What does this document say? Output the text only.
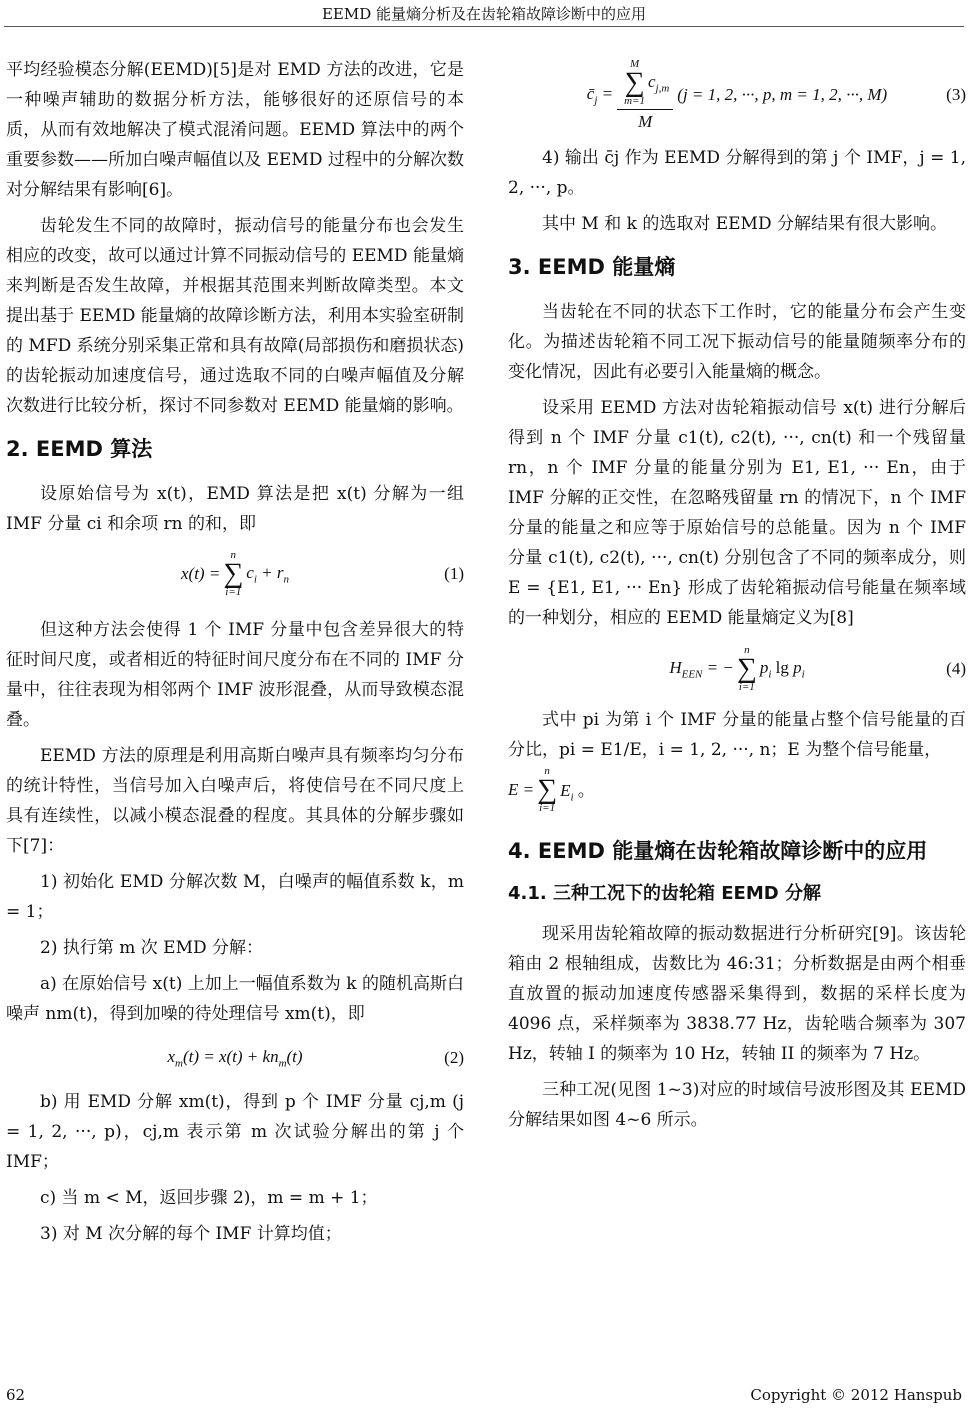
EEMD 能量熵分析及在齿轮箱故障诊断中的应用

平均经验模态分解(EEMD)[5]是对 EMD 方法的改进，它是一种噪声辅助的数据分析方法，能够很好的还原信号的本质，从而有效地解决了模式混淆问题。EEMD 算法中的两个重要参数——所加白噪声幅值以及 EEMD 过程中的分解次数对分解结果有影响[6]。

齿轮发生不同的故障时，振动信号的能量分布也会发生相应的改变，故可以通过计算不同振动信号的 EEMD 能量熵来判断是否发生故障，并根据其范围来判断故障类型。本文提出基于 EEMD 能量熵的故障诊断方法，利用本实验室研制的 MFD 系统分别采集正常和具有故障(局部损伤和磨损状态)的齿轮振动加速度信号，通过选取不同的白噪声幅值及分解次数进行比较分析，探讨不同参数对 EEMD 能量熵的影响。

2. EEMD 算法

设原始信号为 x(t)，EMD 算法是把 x(t) 分解为一组 IMF 分量 ci 和余项 rn 的和，即

x(t) =
n
∑
i=1
$c_i + r_n$	(1)

但这种方法会使得 1 个 IMF 分量中包含差异很大的特征时间尺度，或者相近的特征时间尺度分布在不同的 IMF 分量中，往往表现为相邻两个 IMF 波形混叠，从而导致模态混叠。

EEMD 方法的原理是利用高斯白噪声具有频率均匀分布的统计特性，当信号加入白噪声后，将使信号在不同尺度上具有连续性，以减小模态混叠的程度。其具体的分解步骤如下[7]：

1) 初始化 EMD 分解次数 M，白噪声的幅值系数 k，m = 1；

2) 执行第 m 次 EMD 分解：

a) 在原始信号 x(t) 上加上一幅值系数为 k 的随机高斯白噪声 nm(t)，得到加噪的待处理信号 xm(t)，即

$x_m(t) = x(t) + kn_m(t)$	(2)

b) 用 EMD 分解 xm(t)，得到 p 个 IMF 分量 cj,m (j = 1, 2, ···, p)，cj,m 表示第 m 次试验分解出的第 j 个 IMF；

c) 当 m < M，返回步骤 2)，m = m + 1；

3) 对 M 次分解的每个 IMF 计算均值；

$c̄_j = M$
∑
m=1
$c_{j,m}$
M (j = 1, 2, ···, p, m = 1, 2, ···, M)	(3)

4) 输出 c̄j 作为 EEMD 分解得到的第 j 个 IMF，j = 1, 2, ···, p。

其中 M 和 k 的选取对 EEMD 分解结果有很大影响。

3. EEMD 能量熵

当齿轮在不同的状态下工作时，它的能量分布会产生变化。为描述齿轮箱不同工况下振动信号的能量随频率分布的变化情况，因此有必要引入能量熵的概念。

设采用 EEMD 方法对齿轮箱振动信号 x(t) 进行分解后得到 n 个 IMF 分量 c1(t), c2(t), ···, cn(t) 和一个残留量 rn，n 个 IMF 分量的能量分别为 E1, E1, ··· En，由于 IMF 分解的正交性，在忽略残留量 rn 的情况下，n 个 IMF 分量的能量之和应等于原始信号的总能量。因为 n 个 IMF 分量 c1(t), c2(t), ···, cn(t) 分别包含了不同的频率成分，则 E = {E1, E1, ··· En} 形成了齿轮箱振动信号能量在频率域的一种划分，相应的 EEMD 能量熵定义为[8]

$H_{EEN}$ = −
n
∑
i=1
$p_i$ $\lg p_i$	(4)

式中 pi 为第 i 个 IMF 分量的能量占整个信号能量的百分比，pi = E1/E，i = 1, 2, ···, n；E 为整个信号能量，

E =
n
∑
i=1
$E_i$ 。
4. EEMD 能量熵在齿轮箱故障诊断中的应用
4.1. 三种工况下的齿轮箱 EEMD 分解

现采用齿轮箱故障的振动数据进行分析研究[9]。该齿轮箱由 2 根轴组成，齿数比为 46:31；分析数据是由两个相垂直放置的振动加速度传感器采集得到，数据的采样长度为 4096 点，采样频率为 3838.77 Hz，齿轮啮合频率为 307 Hz，转轴 I 的频率为 10 Hz，转轴 II 的频率为 7 Hz。

三种工况(见图 1~3)对应的时域信号波形图及其 EEMD 分解结果如图 4~6 所示。

62	Copyright © 2012 Hanspub
